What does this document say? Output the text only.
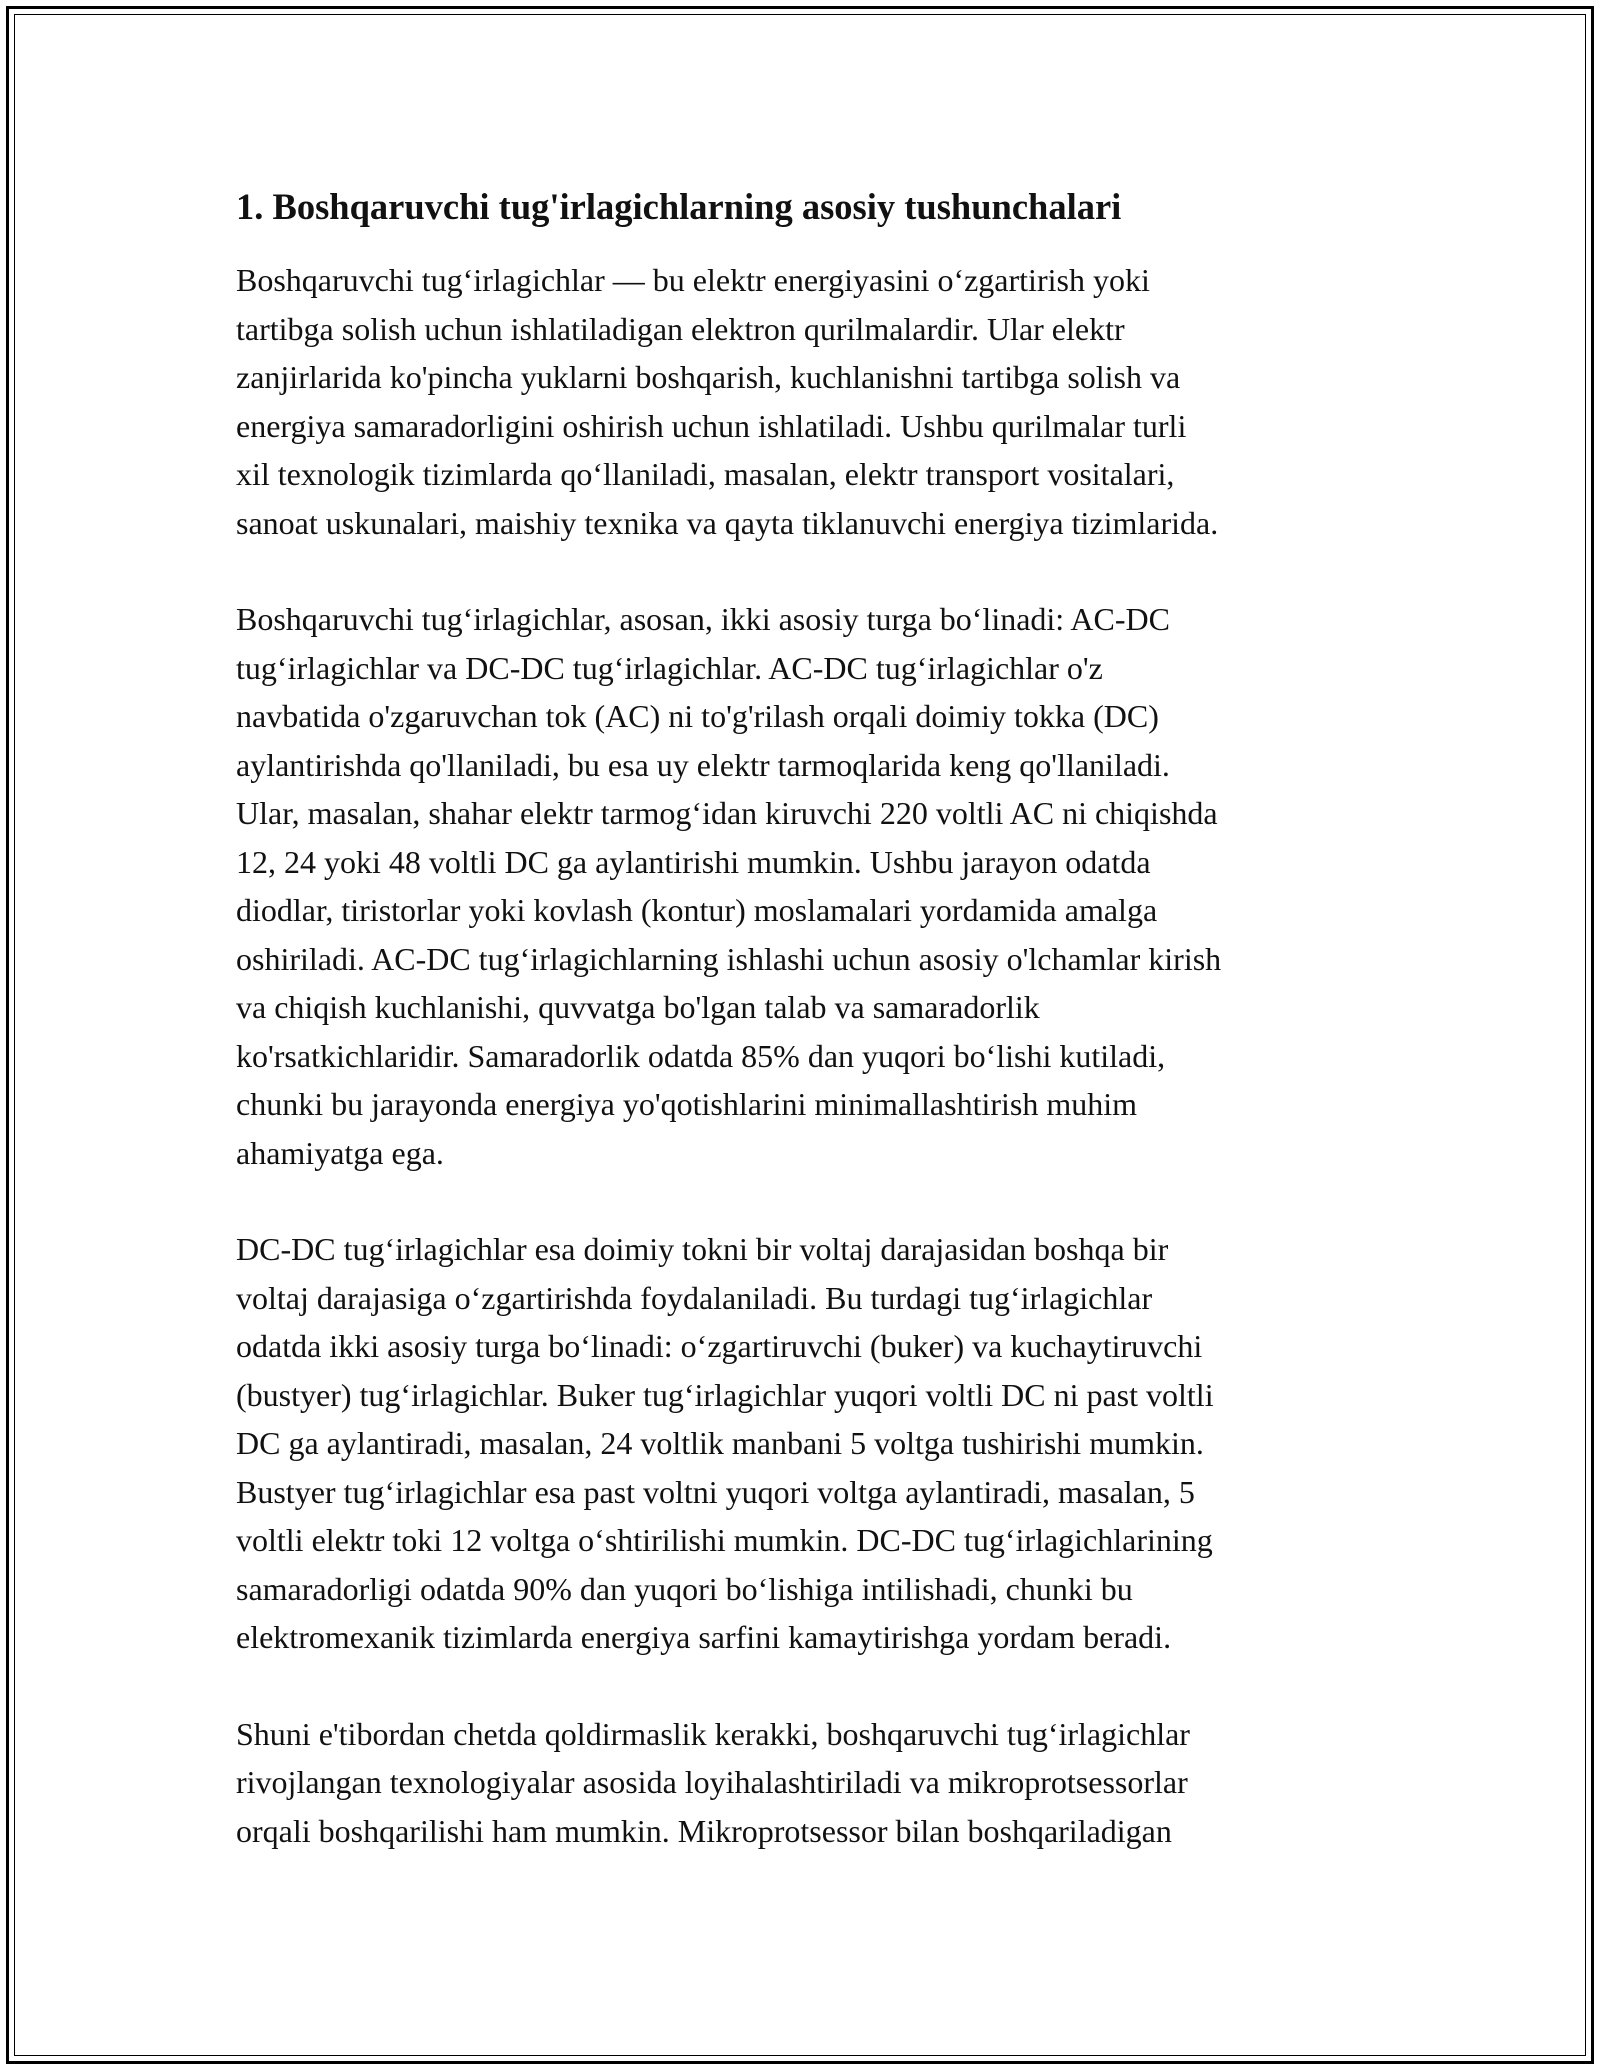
1. Boshqaruvchi tug'irlagichlarning asosiy tushunchalari

Boshqaruvchi tug‘irlagichlar — bu elektr energiyasini o‘zgartirish yoki
tartibga solish uchun ishlatiladigan elektron qurilmalardir. Ular elektr
zanjirlarida ko'pincha yuklarni boshqarish, kuchlanishni tartibga solish va
energiya samaradorligini oshirish uchun ishlatiladi. Ushbu qurilmalar turli
xil texnologik tizimlarda qo‘llaniladi, masalan, elektr transport vositalari,
sanoat uskunalari, maishiy texnika va qayta tiklanuvchi energiya tizimlarida.

Boshqaruvchi tug‘irlagichlar, asosan, ikki asosiy turga bo‘linadi: AC-DC
tug‘irlagichlar va DC-DC tug‘irlagichlar. AC-DC tug‘irlagichlar o'z
navbatida o'zgaruvchan tok (AC) ni to'g'rilash orqali doimiy tokka (DC)
aylantirishda qo'llaniladi, bu esa uy elektr tarmoqlarida keng qo'llaniladi.
Ular, masalan, shahar elektr tarmog‘idan kiruvchi 220 voltli AC ni chiqishda
12, 24 yoki 48 voltli DC ga aylantirishi mumkin. Ushbu jarayon odatda
diodlar, tiristorlar yoki kovlash (kontur) moslamalari yordamida amalga
oshiriladi. AC-DC tug‘irlagichlarning ishlashi uchun asosiy o'lchamlar kirish
va chiqish kuchlanishi, quvvatga bo'lgan talab va samaradorlik
ko'rsatkichlaridir. Samaradorlik odatda 85% dan yuqori bo‘lishi kutiladi,
chunki bu jarayonda energiya yo'qotishlarini minimallashtirish muhim
ahamiyatga ega.

DC-DC tug‘irlagichlar esa doimiy tokni bir voltaj darajasidan boshqa bir
voltaj darajasiga o‘zgartirishda foydalaniladi. Bu turdagi tug‘irlagichlar
odatda ikki asosiy turga bo‘linadi: o‘zgartiruvchi (buker) va kuchaytiruvchi
(bustyer) tug‘irlagichlar. Buker tug‘irlagichlar yuqori voltli DC ni past voltli
DC ga aylantiradi, masalan, 24 voltlik manbani 5 voltga tushirishi mumkin.
Bustyer tug‘irlagichlar esa past voltni yuqori voltga aylantiradi, masalan, 5
voltli elektr toki 12 voltga o‘shtirilishi mumkin. DC-DC tug‘irlagichlarining
samaradorligi odatda 90% dan yuqori bo‘lishiga intilishadi, chunki bu
elektromexanik tizimlarda energiya sarfini kamaytirishga yordam beradi.

Shuni e'tibordan chetda qoldirmaslik kerakki, boshqaruvchi tug‘irlagichlar
rivojlangan texnologiyalar asosida loyihalashtiriladi va mikroprotsessorlar
orqali boshqarilishi ham mumkin. Mikroprotsessor bilan boshqariladigan
